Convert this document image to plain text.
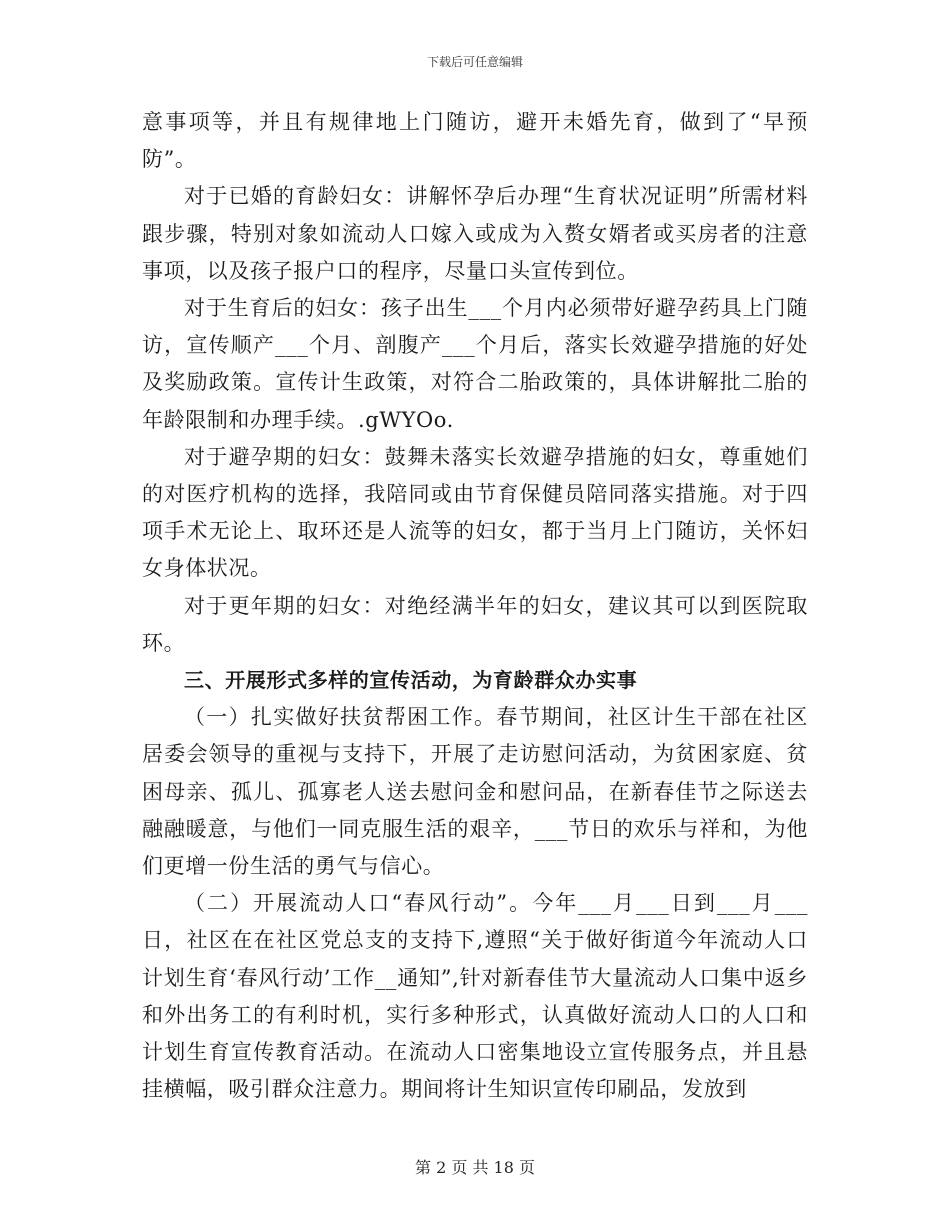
下载后可任意编辑

意事项等，并且有规律地上门随访，避开未婚先育，做到了“早预防”。

对于已婚的育龄妇女：讲解怀孕后办理“生育状况证明”所需材料跟步骤，特别对象如流动人口嫁入或成为入赘女婿者或买房者的注意事项，以及孩子报户口的程序，尽量口头宣传到位。

对于生育后的妇女：孩子出生___个月内必须带好避孕药具上门随访，宣传顺产___个月、剖腹产___个月后，落实长效避孕措施的好处及奖励政策。宣传计生政策，对符合二胎政策的，具体讲解批二胎的年龄限制和办理手续。.gWYOo.

对于避孕期的妇女：鼓舞未落实长效避孕措施的妇女，尊重她们的对医疗机构的选择，我陪同或由节育保健员陪同落实措施。对于四项手术无论上、取环还是人流等的妇女，都于当月上门随访，关怀妇女身体状况。

对于更年期的妇女：对绝经满半年的妇女，建议其可以到医院取环。

三、开展形式多样的宣传活动，为育龄群众办实事

（一）扎实做好扶贫帮困工作。春节期间，社区计生干部在社区居委会领导的重视与支持下，开展了走访慰问活动，为贫困家庭、贫困母亲、孤儿、孤寡老人送去慰问金和慰问品，在新春佳节之际送去融融暖意，与他们一同克服生活的艰辛，___节日的欢乐与祥和，为他们更增一份生活的勇气与信心。

（二）开展流动人口“春风行动”。今年___月___日到___月___日，社区在在社区党总支的支持下,遵照“关于做好街道今年流动人口计划生育‘春风行动’工作__通知”,针对新春佳节大量流动人口集中返乡和外出务工的有利时机，实行多种形式，认真做好流动人口的人口和计划生育宣传教育活动。在流动人口密集地设立宣传服务点，并且悬挂横幅，吸引群众注意力。期间将计生知识宣传印刷品，发放到

第 2 页 共 18 页
